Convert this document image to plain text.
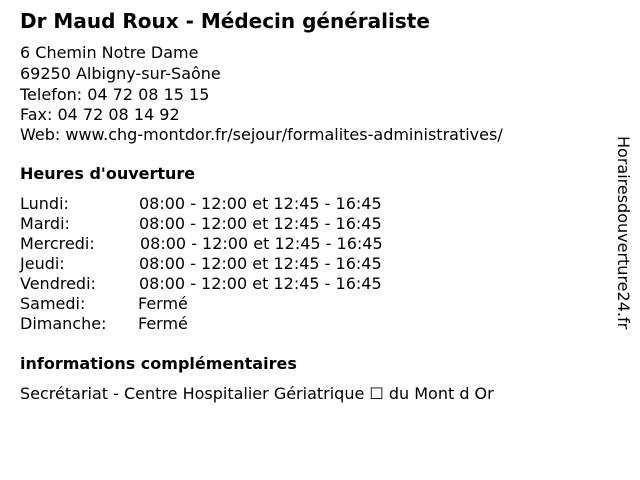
Dr Maud Roux - Médecin généraliste
6 Chemin Notre Dame
69250 Albigny-sur-Saône
Telefon: 04 72 08 15 15
Fax: 04 72 08 14 92
Web: www.chg-montdor.fr/sejour/formalites-administratives/
Heures d'ouverture
Lundi:	08:00 - 12:00 et 12:45 - 16:45
Mardi:	08:00 - 12:00 et 12:45 - 16:45
Mercredi:	08:00 - 12:00 et 12:45 - 16:45
Jeudi:	08:00 - 12:00 et 12:45 - 16:45
Vendredi:	08:00 - 12:00 et 12:45 - 16:45
Samedi:	Fermé
Dimanche: Fermé
informations complémentaires
Secrétariat - Centre Hospitalier Gériatrique ☐ du Mont d Or
Horairesdouverture24.fr
